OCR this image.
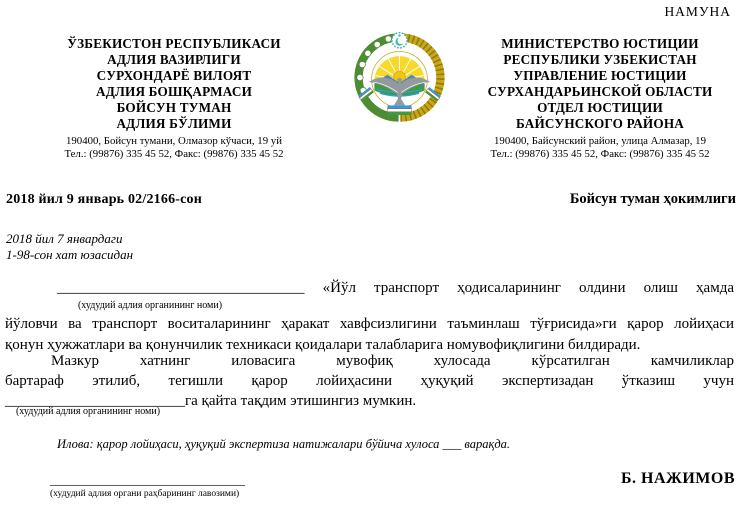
НАМУНА
ЎЗБЕКИСТОН РЕСПУБЛИКАСИ
АДЛИЯ ВАЗИРЛИГИ
СУРХОНДАРЁ ВИЛОЯТ
АДЛИЯ БОШҚАРМАСИ
БОЙСУН ТУМАН
АДЛИЯ БЎЛИМИ
190400, Бойсун тумани, Олмазор кўчаси, 19 уй
Тел.: (99876) 335 45 52, Факс: (99876) 335 45 52
МИНИСТЕРСТВО ЮСТИЦИИ
РЕСПУБЛИКИ УЗБЕКИСТАН
УПРАВЛЕНИЕ ЮСТИЦИИ
СУРХАНДАРЬИНСКОЙ ОБЛАСТИ
ОТДЕЛ ЮСТИЦИИ
БАЙСУНСКОГО РАЙОНА
190400, Байсунский район, улица Алмазар, 19
Тел.: (99876) 335 45 52, Факс: (99876) 335 45 52
2018 йил 9 январь 02/2166-сон	Бойсун туман ҳокимлиги
2018 йил 7 январдаги
1-98-сон хат юзасидан
_________________________________ «Йўл транспорт ҳодисаларининг олдини олиш ҳамда
(худудий адлия органининг номи)
йўловчи ва транспорт воситаларининг ҳаракат хавфсизлигини таъминлаш тўғрисида»ги қарор лойиҳаси
қонун ҳужжатлари ва қонунчилик техникаси қоидалари талабларига номувофиқлигини билдиради.
Мазкур хатнинг иловасига мувофиқ хулосада кўрсатилган камчиликлар
бартараф этилиб, тегишли қарор лойиҳасини ҳуқуқий экспертизадан ўтказиш учун
________________________га қайта тақдим этишингиз мумкин.
(худудий адлия органининг номи)
Илова: қарор лойиҳаси, ҳуқуқий экспертиза натижалари бўйича хулоса ___ варақда.
______________________________
(худудий адлия органи раҳбарининг лавозими)
Б. НАЖИМОВ
